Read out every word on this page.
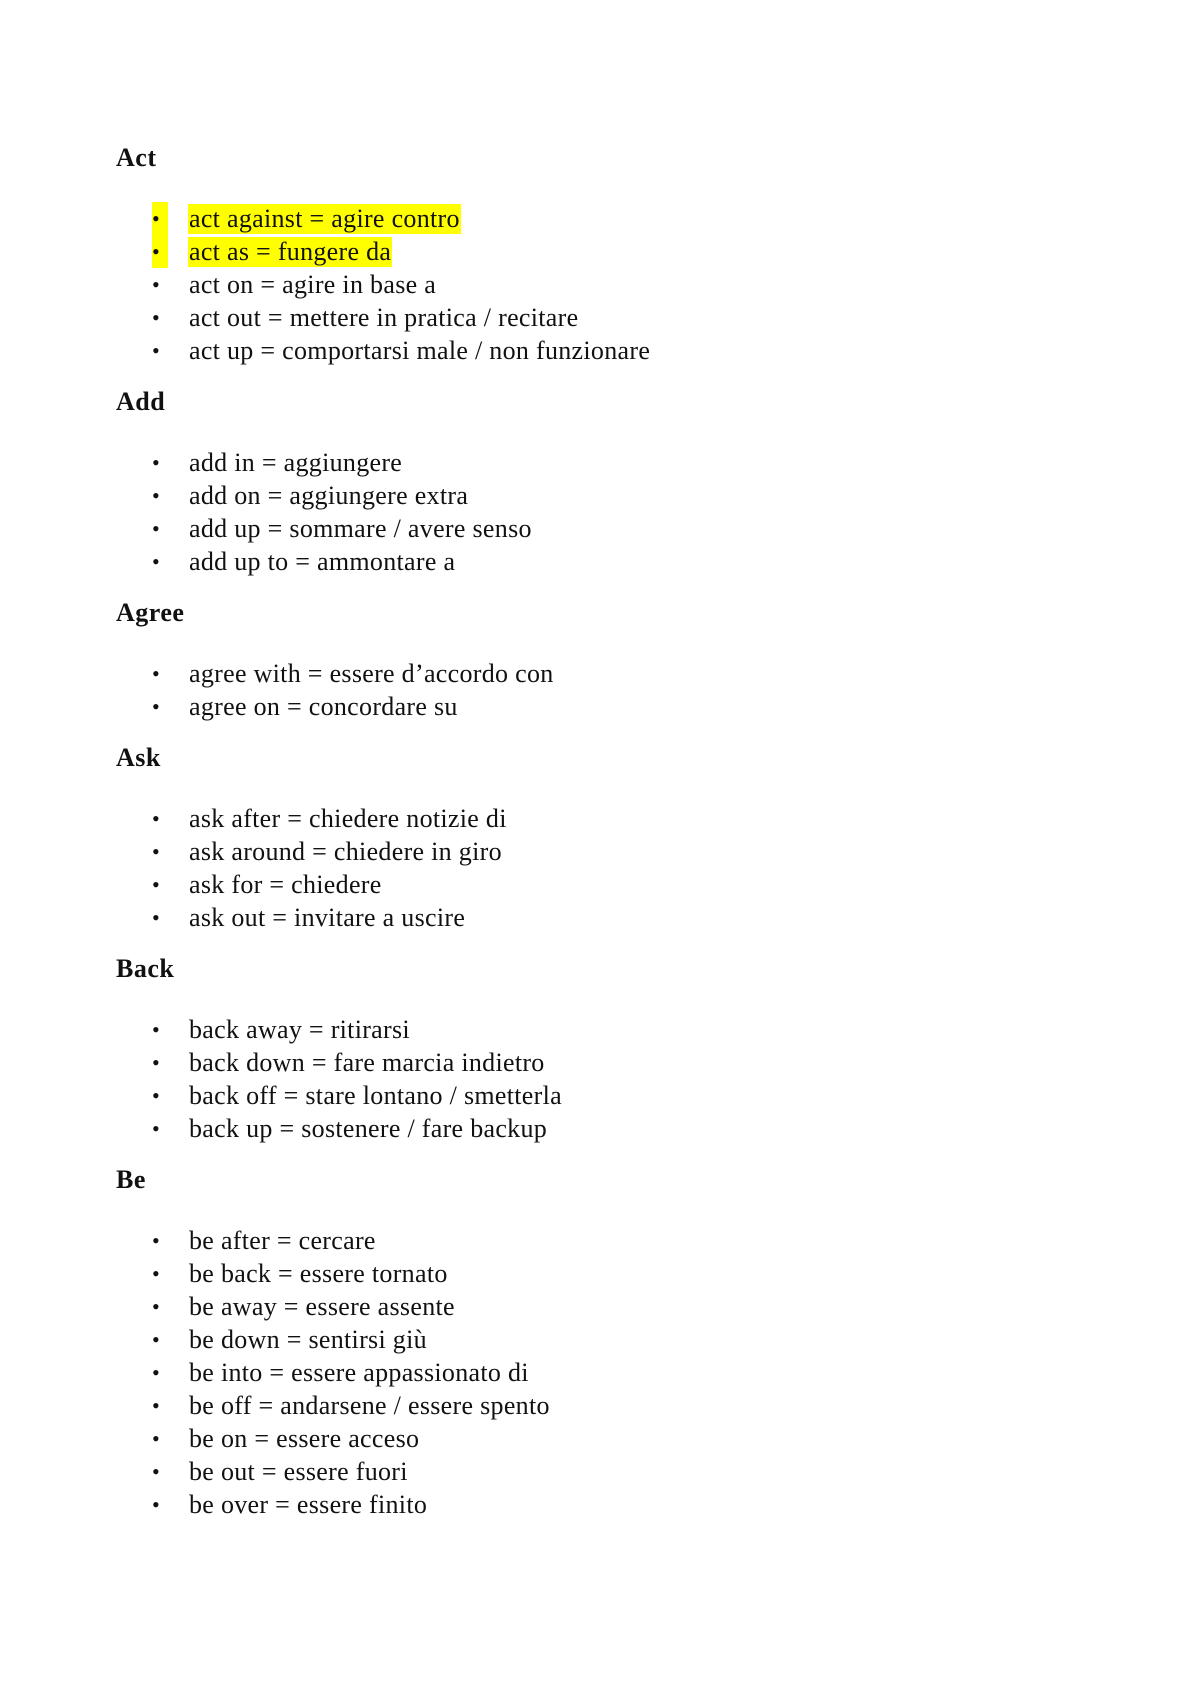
Act
•	act against = agire contro
•	act as = fungere da
• act on = agire in base a
• act out = mettere in pratica / recitare
• act up = comportarsi male / non funzionare
Add
• add in = aggiungere
• add on = aggiungere extra
• add up = sommare / avere senso
• add up to = ammontare a
Agree
• agree with = essere d’accordo con
• agree on = concordare su
Ask
• ask after = chiedere notizie di
• ask around = chiedere in giro
• ask for = chiedere
• ask out = invitare a uscire
Back
• back away = ritirarsi
• back down = fare marcia indietro
• back off = stare lontano / smetterla
• back up = sostenere / fare backup
Be
• be after = cercare
• be back = essere tornato
• be away = essere assente
• be down = sentirsi giù
• be into = essere appassionato di
• be off = andarsene / essere spento
• be on = essere acceso
• be out = essere fuori
• be over = essere finito
